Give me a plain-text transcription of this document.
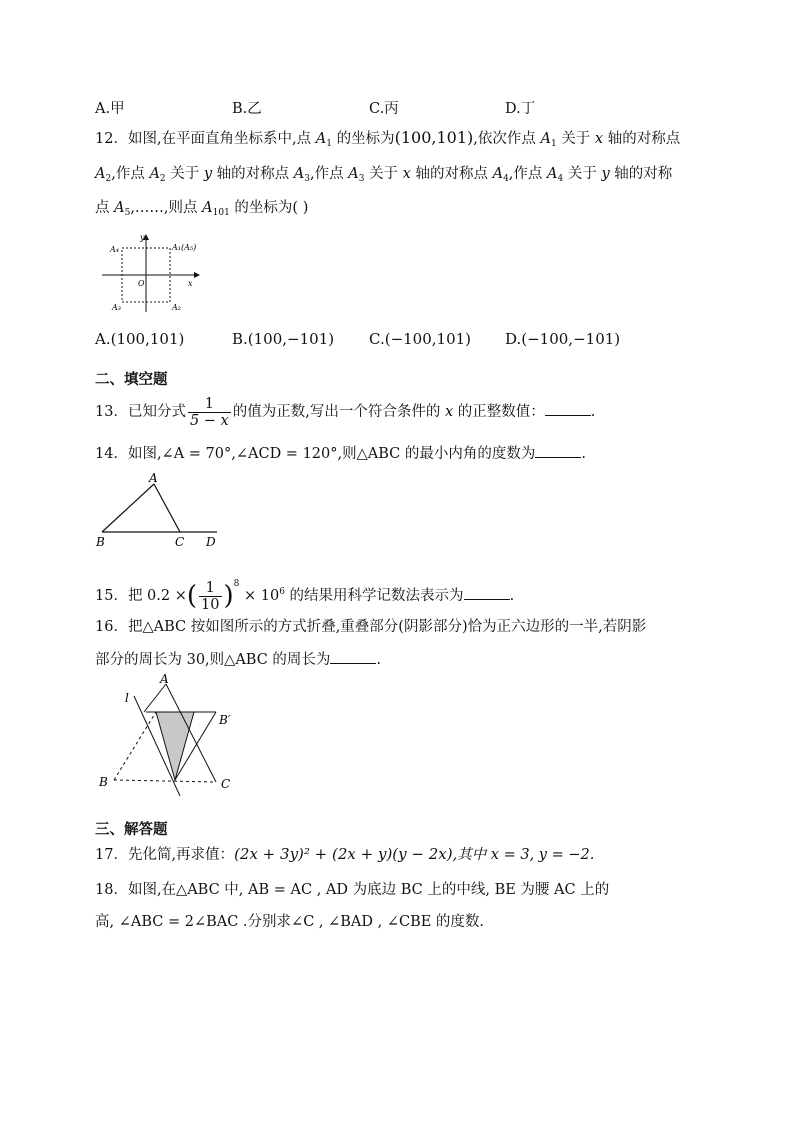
A.甲	B.乙	C.丙	D.丁
12．如图,在平面直角坐标系中,点 $A_1$ 的坐标为(100,101),依次作点 $A_1$ 关于 x 轴的对称点
$A_2$,作点 $A_2$ 关于 y 轴的对称点 $A_3$,作点 $A_3$ 关于 x 轴的对称点 $A_4$,作点 $A_4$ 关于 y 轴的对称
点 $A_5,\dots\dots$,则点 $A_{101}$ 的坐标为( )
A₄	A₁(A₅)
y
O	x
A₃	A₂
A.(100,101)	B.(100,−101) C.(−100,101) D.(−100,−101)
二、填空题
13．已知分式 $\frac{1}{5 - x}$ 的值为正数,写出一个符合条件的 x 的正整数值：	.
14．如图,∠A = 70°,∠ACD = 120°,则△ABC 的最小内角的度数为	.
A
B	C D
15．把 0.2 ×( $\frac{1}{10} )^8 \times 10^6$ 的结果用科学记数法表示为	.
16．把△ABC 按如图所示的方式折叠,重叠部分(阴影部分)恰为正六边形的一半,若阴影
部分的周长为 30,则△ABC 的周长为	.
l
A
B′
B	C
三、解答题
17．先化简,再求值：(2x + 3y)² + (2x + y)(y − 2x),其中 x = 3, y = −2.
18．如图,在△ABC 中, AB = AC , AD 为底边 BC 上的中线, BE 为腰 AC 上的
高, ∠ABC = 2∠BAC .分别求∠C , ∠BAD , ∠CBE 的度数.
